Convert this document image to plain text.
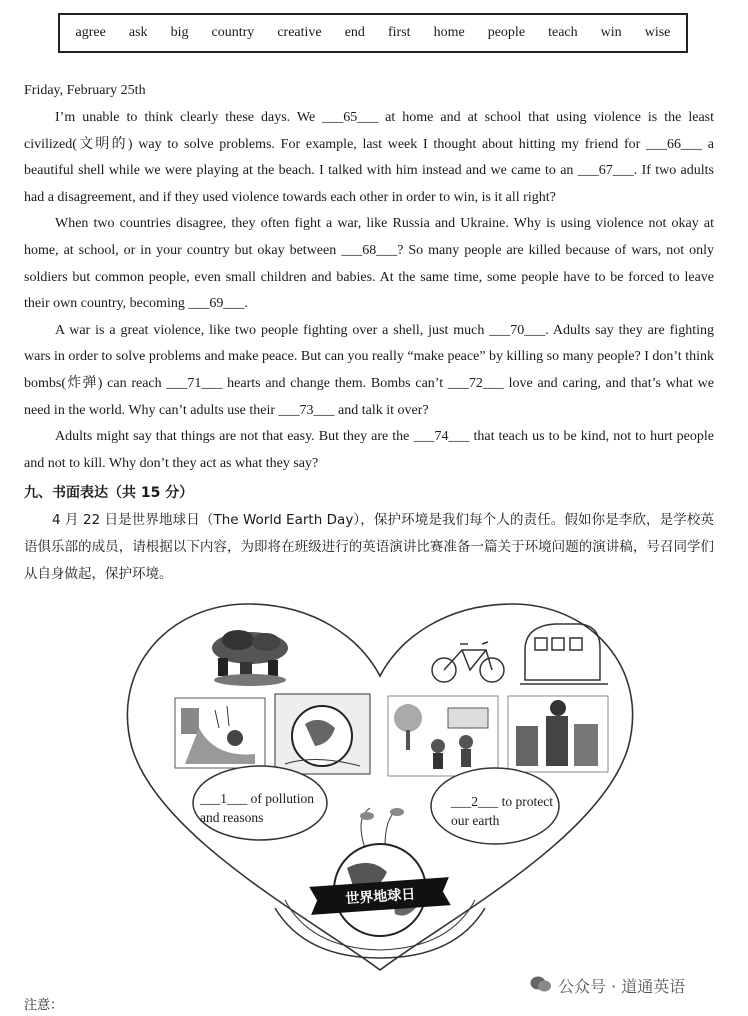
agree ask big country creative end first home people teach win wise
Friday, February 25th

I’m unable to think clearly these days. We ___65___ at home and at school that using violence is the least civilized(文明的) way to solve problems. For example, last week I thought about hitting my friend for ___66___ a beautiful shell while we were playing at the beach. I talked with him instead and we came to an ___67___. If two adults had a disagreement, and if they used violence towards each other in order to win, is it all right?

When two countries disagree, they often fight a war, like Russia and Ukraine. Why is using violence not okay at home, at school, or in your country but okay between ___68___? So many people are killed because of wars, not only soldiers but common people, even small children and babies. At the same time, some people have to be forced to leave their own country, becoming ___69___.

A war is a great violence, like two people fighting over a shell, just much ___70___. Adults say they are fighting wars in order to solve problems and make peace. But can you really “make peace” by killing so many people? I don’t think bombs(炸弹) can reach ___71___ hearts and change them. Bombs can’t ___72___ love and caring, and that’s what we need in the world. Why can’t adults use their ___73___ and talk it over?

Adults might say that things are not that easy. But they are the ___74___ that teach us to be kind, not to hurt people and not to kill. Why don’t they act as what they say?

九、书面表达（共 15 分）

4 月 22 日是世界地球日（The World Earth Day），保护环境是我们每个人的责任。假如你是李欣，是学校英语俱乐部的成员，请根据以下内容，为即将在班级进行的英语演讲比赛准备一篇关于环境问题的演讲稿，号召同学们从自身做起，保护环境。

世界地球日
___1___ of pollution
and reasons
___2___ to protect
our earth
公众号 · 道通英语
注意：
